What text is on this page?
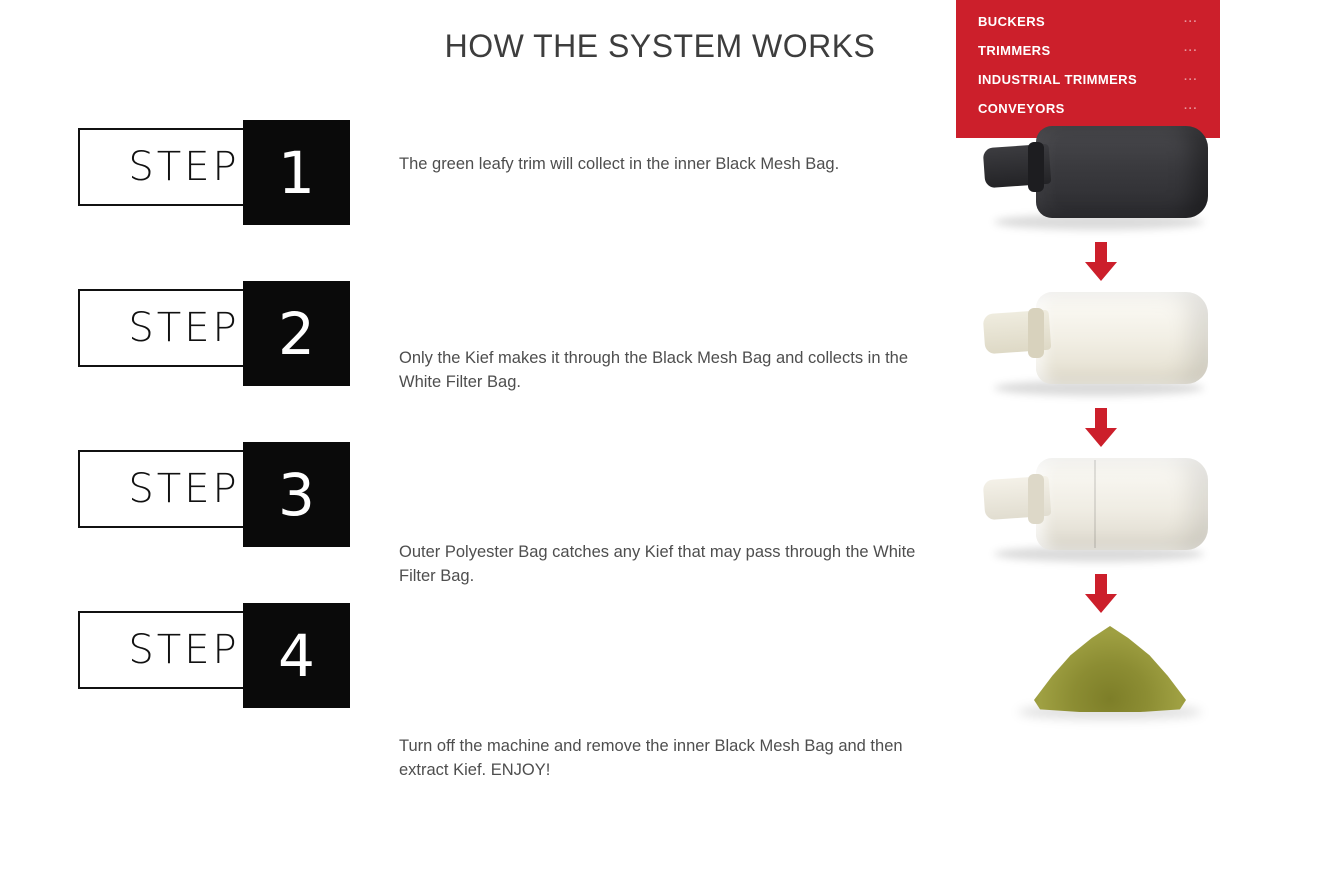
HOW THE SYSTEM WORKS
STEP 1
STEP 2
STEP 3
STEP 4
The green leafy trim will collect in the inner Black Mesh Bag.
Only the Kief makes it through the Black Mesh Bag and collects in the White Filter Bag.
Outer Polyester Bag catches any Kief that may pass through the White Filter Bag.
Turn off the machine and remove the inner Black Mesh Bag and then extract Kief. ENJOY!
BUCKERS	···
TRIMMERS	···
INDUSTRIAL TRIMMERS	···
CONVEYORS	···
